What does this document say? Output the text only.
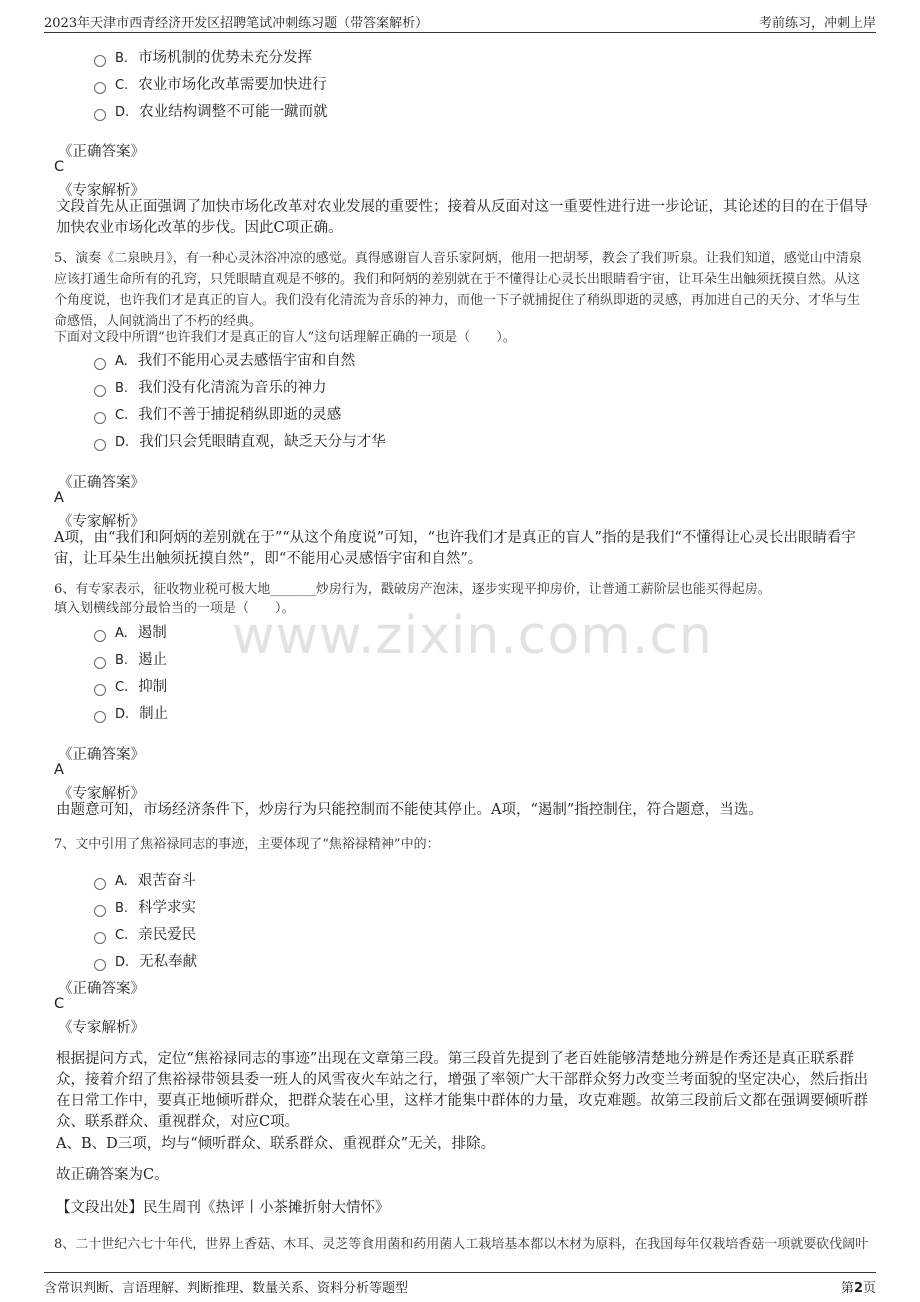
2023年天津市西青经济开发区招聘笔试冲刺练习题（带答案解析）	考前练习，冲刺上岸
www.zixin.com.cn
B. 市场机制的优势未充分发挥
C. 农业市场化改革需要加快进行
D. 农业结构调整不可能一蹴而就
《正确答案》
C
《专家解析》
文段首先从正面强调了加快市场化改革对农业发展的重要性；接着从反面对这一重要性进行进一步论证，其论述的目的在于倡导加快农业市场化改革的步伐。因此C项正确。
5、演奏《二泉映月》，有一种心灵沐浴冲凉的感觉。真得感谢盲人音乐家阿炳，他用一把胡琴，教会了我们听泉。让我们知道，感觉山中清泉应该打通生命所有的孔窍，只凭眼睛直观是不够的。我们和阿炳的差别就在于不懂得让心灵长出眼睛看宇宙，让耳朵生出触须抚摸自然。从这个角度说，也许我们才是真正的盲人。我们没有化清流为音乐的神力，而他一下子就捕捉住了稍纵即逝的灵感，再加进自己的天分、才华与生命感悟，人间就淌出了不朽的经典。
下面对文段中所谓“也许我们才是真正的盲人”这句话理解正确的一项是（　　）。
A. 我们不能用心灵去感悟宇宙和自然
B. 我们没有化清流为音乐的神力
C. 我们不善于捕捉稍纵即逝的灵感
D. 我们只会凭眼睛直观，缺乏天分与才华
《正确答案》
A
《专家解析》
A项，由“我们和阿炳的差别就在于”“从这个角度说”可知，“也许我们才是真正的盲人”指的是我们“不懂得让心灵长出眼睛看宇宙，让耳朵生出触须抚摸自然”，即“不能用心灵感悟宇宙和自然”。
6、有专家表示，征收物业税可极大地_______炒房行为，戳破房产泡沫，逐步实现平抑房价，让普通工薪阶层也能买得起房。
填入划横线部分最恰当的一项是（　　）。
A. 遏制
B. 遏止
C. 抑制
D. 制止
《正确答案》
A
《专家解析》
由题意可知，市场经济条件下，炒房行为只能控制而不能使其停止。A项，“遏制”指控制住，符合题意，当选。
7、文中引用了焦裕禄同志的事迹，主要体现了“焦裕禄精神”中的：
A. 艰苦奋斗
B. 科学求实
C. 亲民爱民
D. 无私奉献
《正确答案》
C
《专家解析》
根据提问方式，定位“焦裕禄同志的事迹”出现在文章第三段。第三段首先提到了老百姓能够清楚地分辨是作秀还是真正联系群众，接着介绍了焦裕禄带领县委一班人的风雪夜火车站之行，增强了率领广大干部群众努力改变兰考面貌的坚定决心，然后指出在日常工作中，要真正地倾听群众，把群众装在心里，这样才能集中群体的力量，攻克难题。故第三段前后文都在强调要倾听群众、联系群众、重视群众，对应C项。
A、B、D三项，均与“倾听群众、联系群众、重视群众”无关，排除。
故正确答案为C。
【文段出处】民生周刊《热评丨小茶摊折射大情怀》
8、二十世纪六七十年代，世界上香菇、木耳、灵芝等食用菌和药用菌人工栽培基本都以木材为原料，在我国每年仅栽培香菇一项就要砍伐阔叶
含常识判断、言语理解、判断推理、数量关系、资料分析等题型	第2页
